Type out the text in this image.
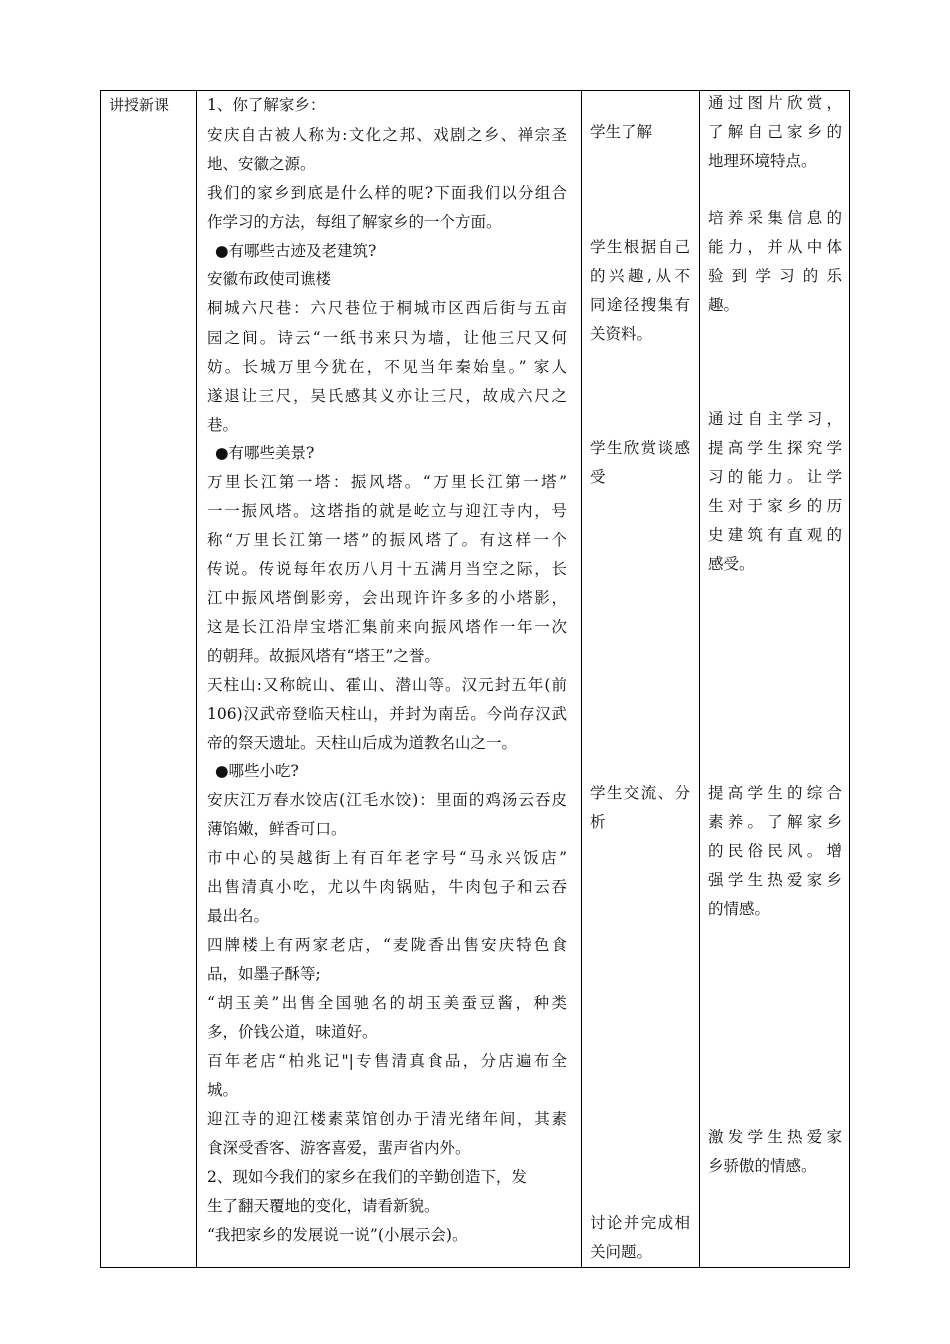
讲授新课	1、你了解家乡：
安庆自古被人称为:文化之邦、戏剧之乡、禅宗圣
地、安徽之源。
我们的家乡到底是什么样的呢?下面我们以分组合
作学习的方法，每组了解家乡的一个方面。
●有哪些古迹及老建筑?
安徽布政使司谯楼
桐城六尺巷：六尺巷位于桐城市区西后街与五亩
园之间。诗云“一纸书来只为墙，让他三尺又何
妨。长城万里今犹在，不见当年秦始皇。” 家人
遂退让三尺，吴氏感其义亦让三尺，故成六尺之
巷。
●有哪些美景?
万里长江第一塔：振风塔。“万里长江第一塔”
一一振风塔。这塔指的就是屹立与迎江寺内，号
称“万里长江第一塔”的振风塔了。有这样一个
传说。传说每年农历八月十五满月当空之际，长
江中振风塔倒影旁，会出现许许多多的小塔影，
这是长江沿岸宝塔汇集前来向振风塔作一年一次
的朝拜。故振风塔有“塔王”之誉。
天柱山:又称皖山、霍山、潜山等。汉元封五年(前
106)汉武帝登临天柱山，并封为南岳。今尚存汉武
帝的祭天遗址。天柱山后成为道教名山之一。
●哪些小吃?
安庆江万春水饺店(江毛水饺)：里面的鸡汤云吞皮
薄馅嫩，鲜香可口。
市中心的吴越街上有百年老字号“马永兴饭店”
出售清真小吃，尤以牛肉锅贴，牛肉包子和云吞
最出名。
四牌楼上有两家老店，“麦陇香出售安庆特色食
品，如墨子酥等;
“胡玉美”出售全国驰名的胡玉美蚕豆酱，种类
多，价钱公道，味道好。
百年老店“柏兆记"|专售清真食品，分店遍布全
城。
迎江寺的迎江楼素菜馆创办于清光绪年间，其素
食深受香客、游客喜爱，蜚声省内外。
2、现如今我们的家乡在我们的辛勤创造下，发
生了翻天覆地的变化，请看新貌。
“我把家乡的发展说一说”(小展示会)。
学生了解
学生根据自己
的兴趣,从不
同途径搜集有
关资料。
学生欣赏谈感
受
学生交流、分
析
讨论并完成相
关问题。
通过图片欣赏，
了解自己家乡的
地理环境特点。
培养采集信息的
能力，并从中体
验到学习的乐
趣。
通过自主学习，
提高学生探究学
习的能力。让学
生对于家乡的历
史建筑有直观的
感受。
提高学生的综合
素养。了解家乡
的民俗民风。增
强学生热爱家乡
的情感。
激发学生热爱家
乡骄傲的情感。
